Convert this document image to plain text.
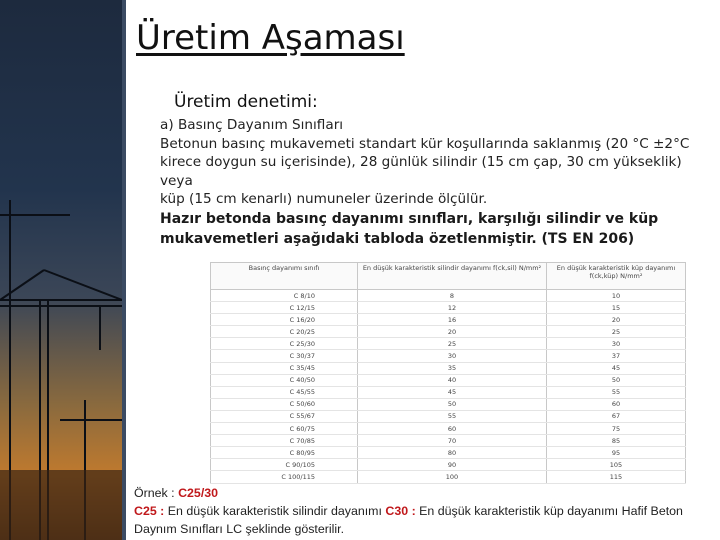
Üretim Aşaması
Üretim denetimi:

a) Basınç Dayanım Sınıfları

Betonun basınç mukavemeti standart kür koşullarında saklanmış (20 °C ±2°C kirece doygun su içerisinde), 28 günlük silindir (15 cm çap, 30 cm yükseklik) veya

küp (15 cm kenarlı) numuneler üzerinde ölçülür.

Hazır betonda basınç dayanımı sınıfları, karşılığı silindir ve küp mukavemetleri aşağıdaki tabloda özetlenmiştir. (TS EN 206)

Basınç dayanımı sınıfı	En düşük karakteristik silindir dayanımı f(ck,sil) N/mm²	En düşük karakteristik küp dayanımı f(ck,küp) N/mm²
C 8/10	8	10
C 12/15	12	15
C 16/20	16	20
C 20/25	20	25
C 25/30	25	30
C 30/37	30	37
C 35/45	35	45
C 40/50	40	50
C 45/55	45	55
C 50/60	50	60
C 55/67	55	67
C 60/75	60	75
C 70/85	70	85
C 80/95	80	95
C 90/105	90	105
C 100/115	100	115
Örnek : C25/30
C25 : En düşük karakteristik silindir dayanımı C30 : En düşük karakteristik küp dayanımı Hafif Beton Daynım Sınıfları LC şeklinde gösterilir.
